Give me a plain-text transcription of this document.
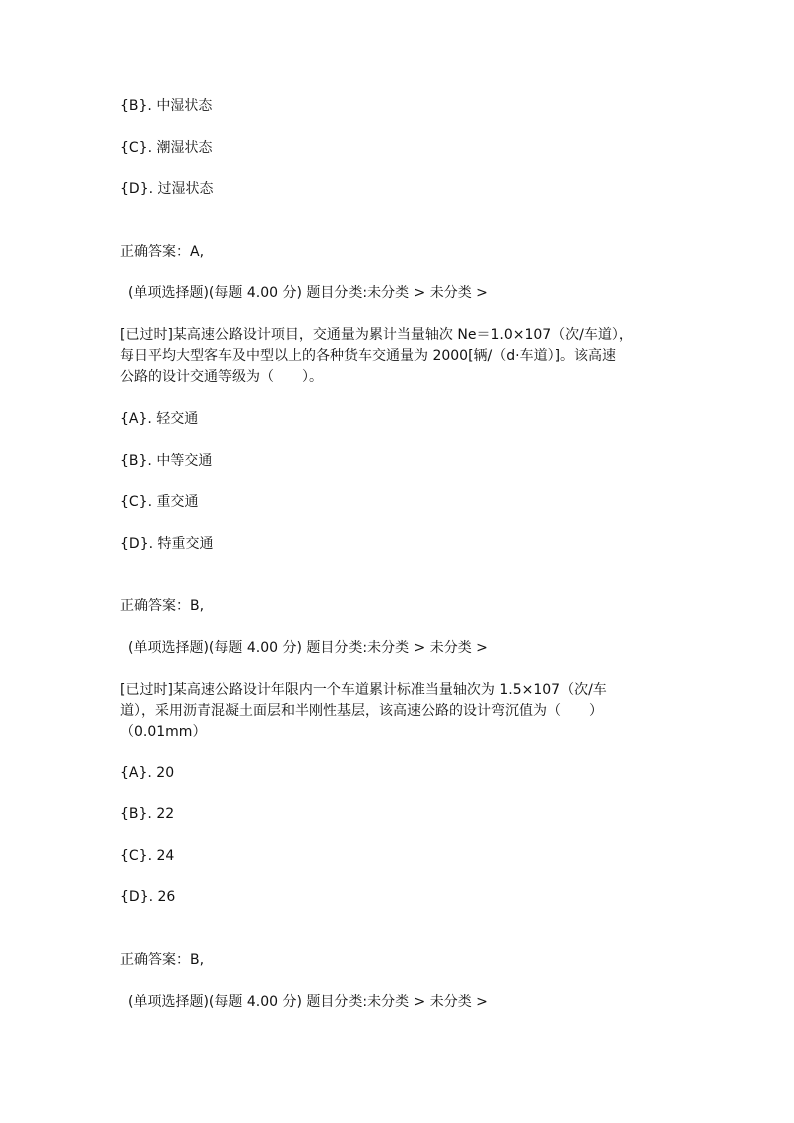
{B}. 中湿状态
{C}. 潮湿状态
{D}. 过湿状态
正确答案：A,
(单项选择题)(每题 4.00 分) 题目分类:未分类 > 未分类 >
[已过时]某高速公路设计项目，交通量为累计当量轴次 Ne＝1.0×107（次/车道），
每日平均大型客车及中型以上的各种货车交通量为 2000[辆/（d·车道）]。该高速
公路的设计交通等级为（　　）。
{A}. 轻交通
{B}. 中等交通
{C}. 重交通
{D}. 特重交通
正确答案：B,
(单项选择题)(每题 4.00 分) 题目分类:未分类 > 未分类 >
[已过时]某高速公路设计年限内一个车道累计标准当量轴次为 1.5×107（次/车
道），采用沥青混凝土面层和半刚性基层，该高速公路的设计弯沉值为（　　）
（0.01mm）
{A}. 20
{B}. 22
{C}. 24
{D}. 26
正确答案：B,
(单项选择题)(每题 4.00 分) 题目分类:未分类 > 未分类 >
